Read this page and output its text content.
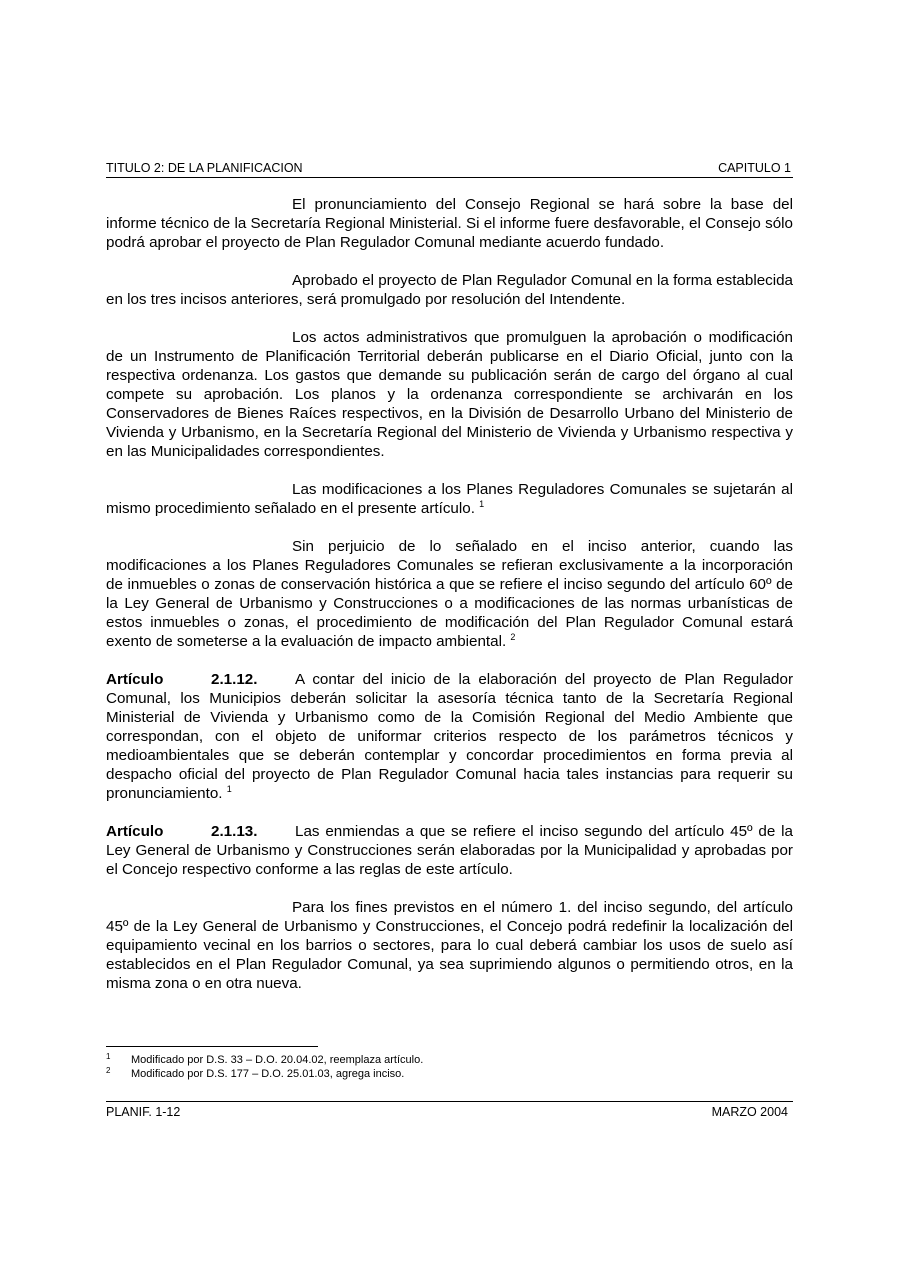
TITULO 2: DE LA PLANIFICACION	CAPITULO 1

El pronunciamiento del Consejo Regional se hará sobre la base del informe técnico de la Secretaría Regional Ministerial. Si el informe fuere desfavorable, el Consejo sólo podrá aprobar el proyecto de Plan Regulador Comunal mediante acuerdo fundado.

Aprobado el proyecto de Plan Regulador Comunal en la forma establecida en los tres incisos anteriores, será promulgado por resolución del Intendente.

Los actos administrativos que promulguen la aprobación o modificación de un Instrumento de Planificación Territorial deberán publicarse en el Diario Oficial, junto con la respectiva ordenanza. Los gastos que demande su publicación serán de cargo del órgano al cual compete su aprobación. Los planos y la ordenanza correspondiente se archivarán en los Conservadores de Bienes Raíces respectivos, en la División de Desarrollo Urbano del Ministerio de Vivienda y Urbanismo, en la Secretaría Regional del Ministerio de Vivienda y Urbanismo respectiva y en las Municipalidades correspondientes.

Las modificaciones a los Planes Reguladores Comunales se sujetarán al mismo procedimiento señalado en el presente artículo. $^1$

Sin perjuicio de lo señalado en el inciso anterior, cuando las modificaciones a los Planes Reguladores Comunales se refieran exclusivamente a la incorporación de inmuebles o zonas de conservación histórica a que se refiere el inciso segundo del artículo 60º de la Ley General de Urbanismo y Construcciones o a modificaciones de las normas urbanísticas de estos inmuebles o zonas, el procedimiento de modificación del Plan Regulador Comunal estará exento de someterse a la evaluación de impacto ambiental. $^2$

Artículo	2.1.12. A contar del inicio de la elaboración del proyecto de Plan Regulador Comunal, los Municipios deberán solicitar la asesoría técnica tanto de la Secretaría Regional Ministerial de Vivienda y Urbanismo como de la Comisión Regional del Medio Ambiente que correspondan, con el objeto de uniformar criterios respecto de los parámetros técnicos y medioambientales que se deberán contemplar y concordar procedimientos en forma previa al despacho oficial del proyecto de Plan Regulador Comunal hacia tales instancias para requerir su pronunciamiento. $^1$

Artículo	2.1.13. Las enmiendas a que se refiere el inciso segundo del artículo 45º de la Ley General de Urbanismo y Construcciones serán elaboradas por la Municipalidad y aprobadas por el Concejo respectivo conforme a las reglas de este artículo.

Para los fines previstos en el número 1. del inciso segundo, del artículo 45º de la Ley General de Urbanismo y Construcciones, el Concejo podrá redefinir la localización del equipamiento vecinal en los barrios o sectores, para lo cual deberá cambiar los usos de suelo así establecidos en el Plan Regulador Comunal, ya sea suprimiendo algunos o permitiendo otros, en la misma zona o en otra nueva.

1 Modificado por D.S. 33 – D.O. 20.04.02, reemplaza artículo.
2 Modificado por D.S. 177 – D.O. 25.01.03, agrega inciso.
PLANIF. 1-12	MARZO 2004
